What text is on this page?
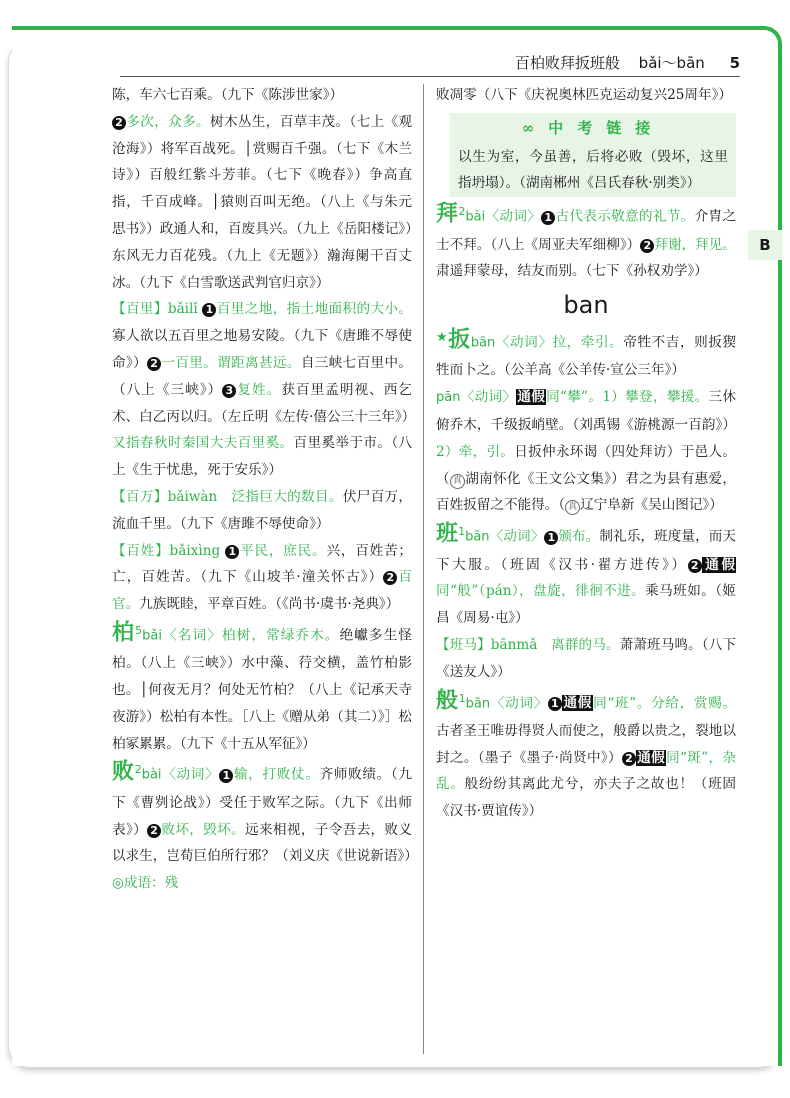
百柏败拜扳班般 bǎi～bān 5
B

陈，车六七百乘。（九下《陈涉世家》）

2 多次，众多。树木丛生，百草丰茂。（七上《观沧海》）将军百战死。│赏赐百千强。（七下《木兰诗》）百般红紫斗芳菲。（七下《晚春》）争高直指，千百成峰。│猿则百叫无绝。（八上《与朱元思书》）政通人和，百废具兴。（九上《岳阳楼记》）东风无力百花残。（九上《无题》）瀚海阑干百丈冰。（九下《白雪歌送武判官归京》）

【百里】bǎilǐ 1 百里之地，指土地面积的大小。寡人欲以五百里之地易安陵。（九下《唐雎不辱使命》） 2 一百里。谓距离甚远。自三峡七百里中。（八上《三峡》） 3 复姓。获百里孟明视、西乞术、白乙丙以归。（左丘明《左传·僖公三十三年》）又指春秋时秦国大夫百里奚。百里奚举于市。（八上《生于忧患，死于安乐》）

【百万】bǎiwàn　 泛指巨大的数目。伏尸百万，流血千里。（九下《唐雎不辱使命》）

【百姓】bǎixìng 1 平民，庶民。兴，百姓苦；亡，百姓苦。（九下《山坡羊·潼关怀古》） 2 百官。九族既睦，平章百姓。（《尚书·虞书·尧典》）

柏$^5$bǎi〈名词〉柏树，常绿乔木。绝巘多生怪柏。（八上《三峡》）水中藻、荇交横，盖竹柏影也。│何夜无月？何处无竹柏？（八上《记承天寺夜游》）松柏有本性。［八上《赠从弟（其二）》］松柏冢累累。（九下《十五从军征》）

败$^2$bài〈动词〉 1 输，打败仗。齐师败绩。（九下《曹刿论战》）受任于败军之际。（九下《出师表》） 2 败坏，毁坏。远来相视，子令吾去，败义以求生，岂荀巨伯所行邪？（刘义庆《世说新语》）◎成语：残

败凋零（八下《庆祝奥林匹克运动复兴25周年》）

∞中考链接

以生为室，今虽善，后将必败（毁坏，这里指坍塌）。（湖南郴州《吕氏春秋·别类》）

拜$^2$bài〈动词〉 1 古代表示敬意的礼节。介胄之士不拜。（八上《周亚夫军细柳》） 2 拜谢，拜见。肃遥拜蒙母，结友而别。（七下《孙权劝学》）

ban

★扳bān〈动词〉拉，牵引。帝牲不吉，则扳猰牲而卜之。（公羊高《公羊传·宣公三年》）

pān〈动词〉通假同“攀”。1）攀登，攀援。三休俯乔木，千级扳峭壁。（刘禹锡《游桃源一百韵》）2）牵，引。日扳仲永环谒（四处拜访）于邑人。（ 真 湖南怀化《王文公文集》）君之为县有惠爱，百姓扳留之不能得。（ 真 辽宁阜新《吴山图记》）

班$^1$bān〈动词〉 1 颁布。制礼乐，班度量，而天下大服。（班固《汉书·翟方进传》） 2 通假同“般”（pán），盘旋，徘徊不进。乘马班如。（姬昌《周易·屯》）

【班马】bānmǎ　 离群的马。萧萧班马鸣。（八下《送友人》）

般$^1$bān〈动词〉 1 通假同“班”。分给，赏赐。古者圣王唯毋得贤人而使之，般爵以贵之，裂地以封之。（墨子《墨子·尚贤中》） 2 通假同“斑”，杂乱。般纷纷其离此尤兮，亦夫子之故也！（班固《汉书·贾谊传》）
